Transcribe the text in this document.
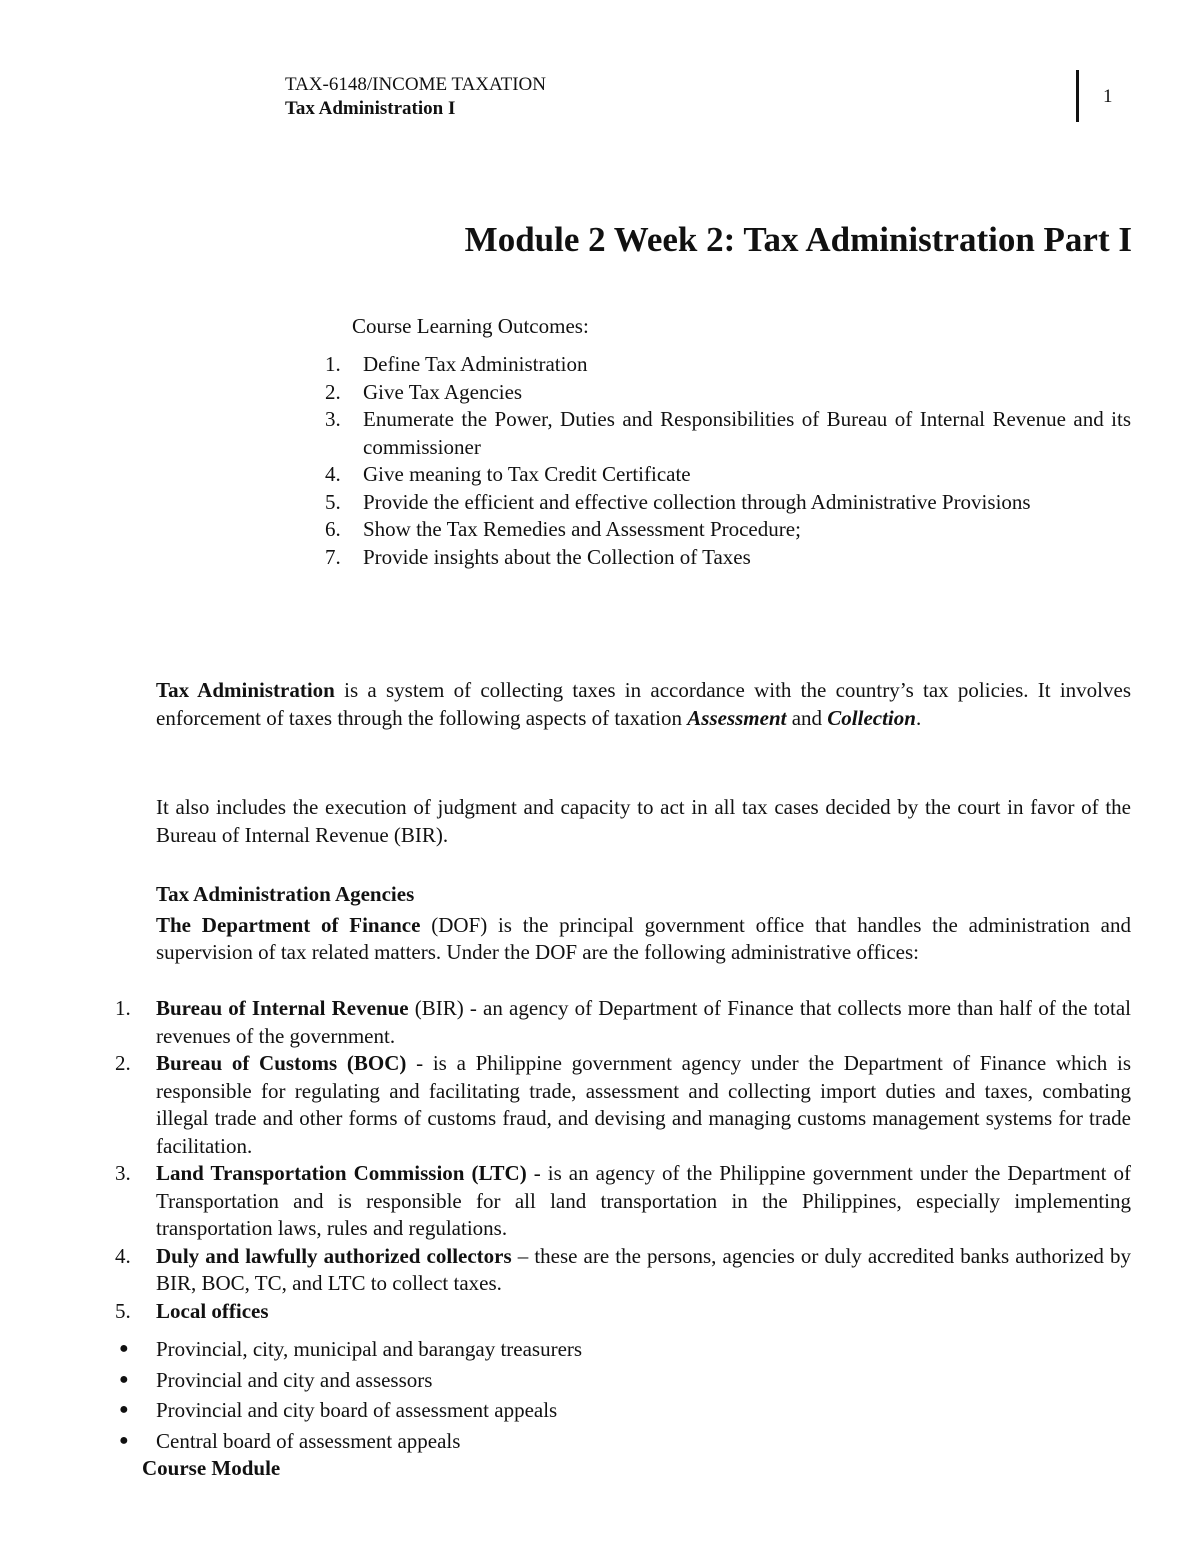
TAX-6148/INCOME TAXATION
Tax Administration I
1
Module 2 Week 2: Tax Administration Part I
Course Learning Outcomes:
1. Define Tax Administration
2. Give Tax Agencies
3. Enumerate the Power, Duties and Responsibilities of Bureau of Internal Revenue and its commissioner
4. Give meaning to Tax Credit Certificate
5. Provide the efficient and effective collection through Administrative Provisions
6. Show the Tax Remedies and Assessment Procedure;
7. Provide insights about the Collection of Taxes

Tax Administration is a system of collecting taxes in accordance with the country’s tax policies. It involves enforcement of taxes through the following aspects of taxation Assessment and Collection.

It also includes the execution of judgment and capacity to act in all tax cases decided by the court in favor of the Bureau of Internal Revenue (BIR).

Tax Administration Agencies

The Department of Finance (DOF) is the principal government office that handles the administration and supervision of tax related matters. Under the DOF are the following administrative offices:

1. Bureau of Internal Revenue (BIR) - an agency of Department of Finance that collects more than half of the total revenues of the government.
2. Bureau of Customs (BOC) - is a Philippine government agency under the Department of Finance which is responsible for regulating and facilitating trade, assessment and collecting import duties and taxes, combating illegal trade and other forms of customs fraud, and devising and managing customs management systems for trade facilitation.
3. Land Transportation Commission (LTC) - is an agency of the Philippine government under the Department of Transportation and is responsible for all land transportation in the Philippines, especially implementing transportation laws, rules and regulations.
4. Duly and lawfully authorized collectors – these are the persons, agencies or duly accredited banks authorized by BIR, BOC, TC, and LTC to collect taxes.
5. Local offices
● Provincial, city, municipal and barangay treasurers
● Provincial and city and assessors
● Provincial and city board of assessment appeals
● Central board of assessment appeals
Course Module
